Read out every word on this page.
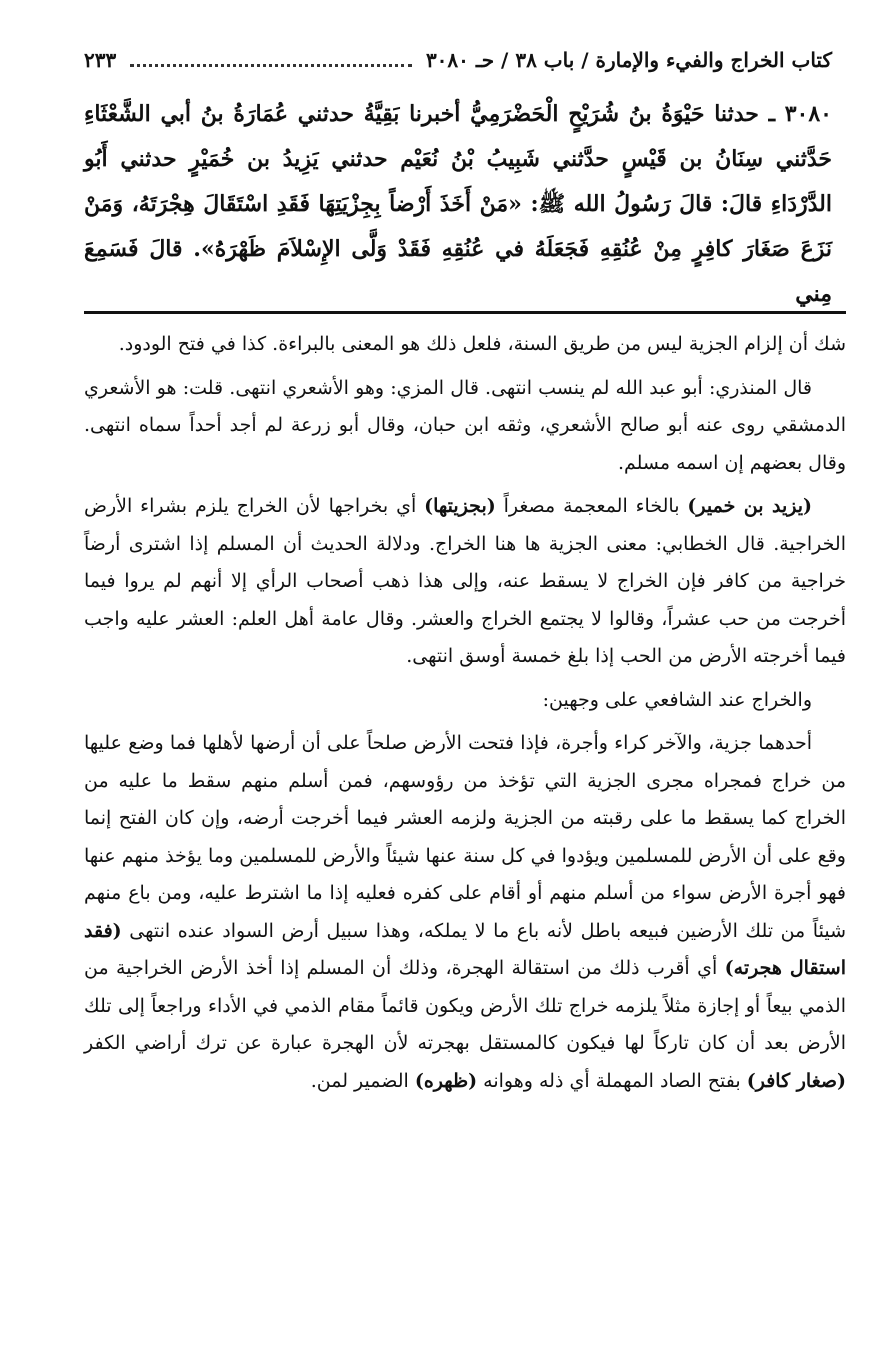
كتاب الخراج والفيء والإمارة / باب ٣٨ / حـ ٣٠٨٠
٢٣٣

٣٠٨٠ ـ حدثنا حَيْوَةُ بنُ شُرَيْحٍ الْحَضْرَمِيُّ أخبرنا بَقِيَّةُ حدثني عُمَارَةُ بنُ أبي الشَّعْثَاءِ حَدَّثني سِنَانُ بن قَيْسٍ حدَّثني شَبِيبُ بْنُ نُعَيْم حدثني يَزِيدُ بن خُمَيْرٍ حدثني أَبُو الدَّرْدَاءِ قالَ: قالَ رَسُولُ الله ﷺ: «مَنْ أَخَذَ أَرْضاً بِجِزْيَتِهَا فَقَدِ اسْتَقَالَ هِجْرَتَهُ، وَمَنْ نَزَعَ صَغَارَ كافِرٍ مِنْ عُنُقِهِ فَجَعَلَهُ في عُنُقِهِ فَقَدْ وَلَّى الإِسْلاَمَ ظَهْرَهُ». قالَ فَسَمِعَ مِني

شك أن إلزام الجزية ليس من طريق السنة، فلعل ذلك هو المعنى بالبراءة. كذا في فتح الودود.

قال المنذري: أبو عبد الله لم ينسب انتهى. قال المزي: وهو الأشعري انتهى. قلت: هو الأشعري الدمشقي روى عنه أبو صالح الأشعري، وثقه ابن حبان، وقال أبو زرعة لم أجد أحداً سماه انتهى. وقال بعضهم إن اسمه مسلم.

(يزيد بن خمير) بالخاء المعجمة مصغراً (بجزيتها) أي بخراجها لأن الخراج يلزم بشراء الأرض الخراجية. قال الخطابي: معنى الجزية ها هنا الخراج. ودلالة الحديث أن المسلم إذا اشترى أرضاً خراجية من كافر فإن الخراج لا يسقط عنه، وإلى هذا ذهب أصحاب الرأي إلا أنهم لم يروا فيما أخرجت من حب عشراً، وقالوا لا يجتمع الخراج والعشر. وقال عامة أهل العلم: العشر عليه واجب فيما أخرجته الأرض من الحب إذا بلغ خمسة أوسق انتهى.

والخراج عند الشافعي على وجهين:

أحدهما جزية، والآخر كراء وأجرة، فإذا فتحت الأرض صلحاً على أن أرضها لأهلها فما وضع عليها من خراج فمجراه مجرى الجزية التي تؤخذ من رؤوسهم، فمن أسلم منهم سقط ما عليه من الخراج كما يسقط ما على رقبته من الجزية ولزمه العشر فيما أخرجت أرضه، وإن كان الفتح إنما وقع على أن الأرض للمسلمين ويؤدوا في كل سنة عنها شيئاً والأرض للمسلمين وما يؤخذ منهم عنها فهو أجرة الأرض سواء من أسلم منهم أو أقام على كفره فعليه إذا ما اشترط عليه، ومن باع منهم شيئاً من تلك الأرضين فبيعه باطل لأنه باع ما لا يملكه، وهذا سبيل أرض السواد عنده انتهى (فقد استقال هجرته) أي أقرب ذلك من استقالة الهجرة، وذلك أن المسلم إذا أخذ الأرض الخراجية من الذمي بيعاً أو إجازة مثلاً يلزمه خراج تلك الأرض ويكون قائماً مقام الذمي في الأداء وراجعاً إلى تلك الأرض بعد أن كان تاركاً لها فيكون كالمستقل بهجرته لأن الهجرة عبارة عن ترك أراضي الكفر (صغار كافر) بفتح الصاد المهملة أي ذله وهوانه (ظهره) الضمير لمن.
